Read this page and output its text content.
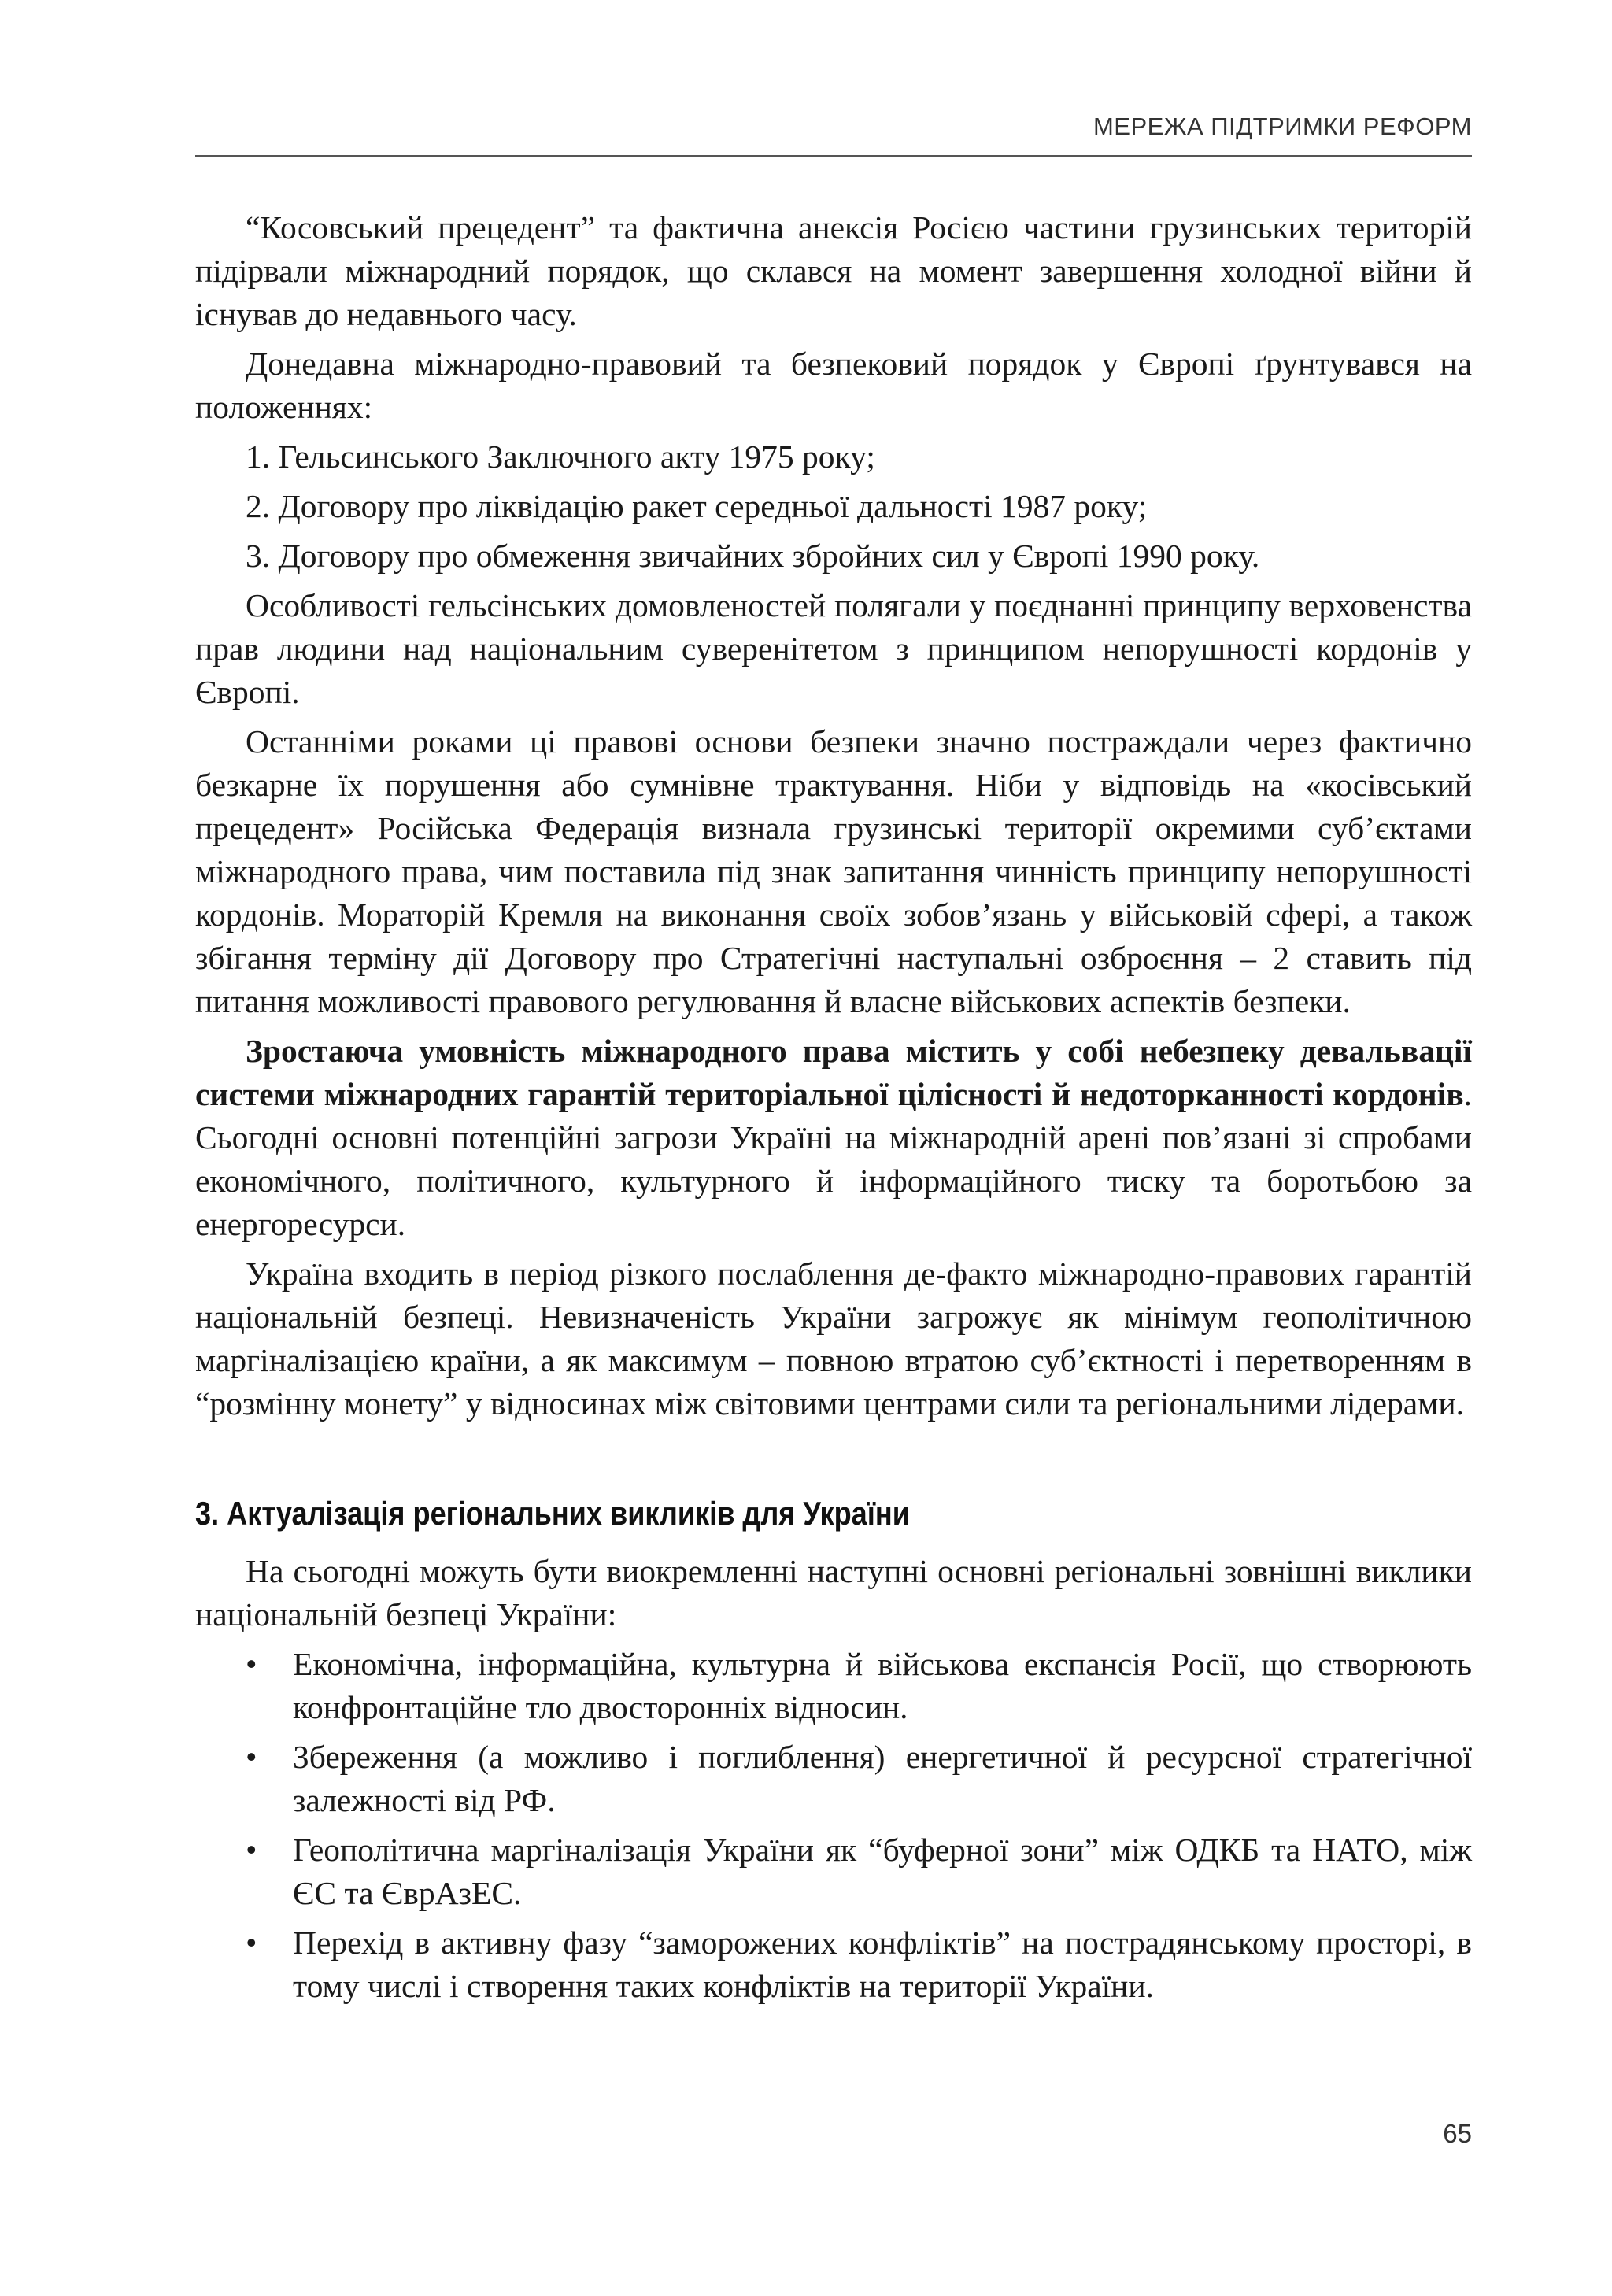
МЕРЕЖА ПІДТРИМКИ РЕФОРМ

“Косовський прецедент” та фактична анексія Росією частини грузинських територій підірвали міжнародний порядок, що склався на момент завершення холодної війни й існував до недавнього часу.

Донедавна міжнародно-правовий та безпековий порядок у Європі ґрунтувався на положеннях:

1. Гельсинського Заключного акту 1975 року;
2. Договору про ліквідацію ракет середньої дальності 1987 року;
3. Договору про обмеження звичайних збройних сил у Європі 1990 року.

Особливості гельсінських домовленостей полягали у поєднанні принципу верховенства прав людини над національним суверенітетом з принципом непорушності кордонів у Європі.

Останніми роками ці правові основи безпеки значно постраждали через фактично безкарне їх порушення або сумнівне трактування. Ніби у відповідь на «косівський прецедент» Російська Федерація визнала грузинські території окремими суб’єктами міжнародного права, чим поставила під знак запитання чинність принципу непорушності кордонів. Мораторій Кремля на виконання своїх зобов’язань у військовій сфері, а також збігання терміну дії Договору про Стратегічні наступальні озброєння – 2 ставить під питання можливості правового регулювання й власне військових аспектів безпеки.

Зростаюча умовність міжнародного права містить у собі небезпеку девальвації системи міжнародних гарантій територіальної цілісності й недоторканності кордонів. Сьогодні основні потенційні загрози Україні на міжнародній арені пов’язані зі спробами економічного, політичного, культурного й інформаційного тиску та боротьбою за енергоресурси.

Україна входить в період різкого послаблення де-факто міжнародно-правових гарантій національній безпеці. Невизначеність України загрожує як мінімум геополітичною маргіналізацією країни, а як максимум – повною втратою суб’єктності і перетворенням в “розмінну монету” у відносинах між світовими центрами сили та регіональними лідерами.

3. Актуалізація регіональних викликів для України

На сьогодні можуть бути виокремленні наступні основні регіональні зовнішні виклики національній безпеці України:

• Економічна, інформаційна, культурна й військова експансія Росії, що створюють конфронтаційне тло двосторонніх відносин.
• Збереження (а можливо і поглиблення) енергетичної й ресурсної стратегічної залежності від РФ.
• Геополітична маргіналізація України як “буферної зони” між ОДКБ та НАТО, між ЄС та ЄврАзЕС.
• Перехід в активну фазу “заморожених конфліктів” на пострадянському просторі, в тому числі і створення таких конфліктів на території України.
65
